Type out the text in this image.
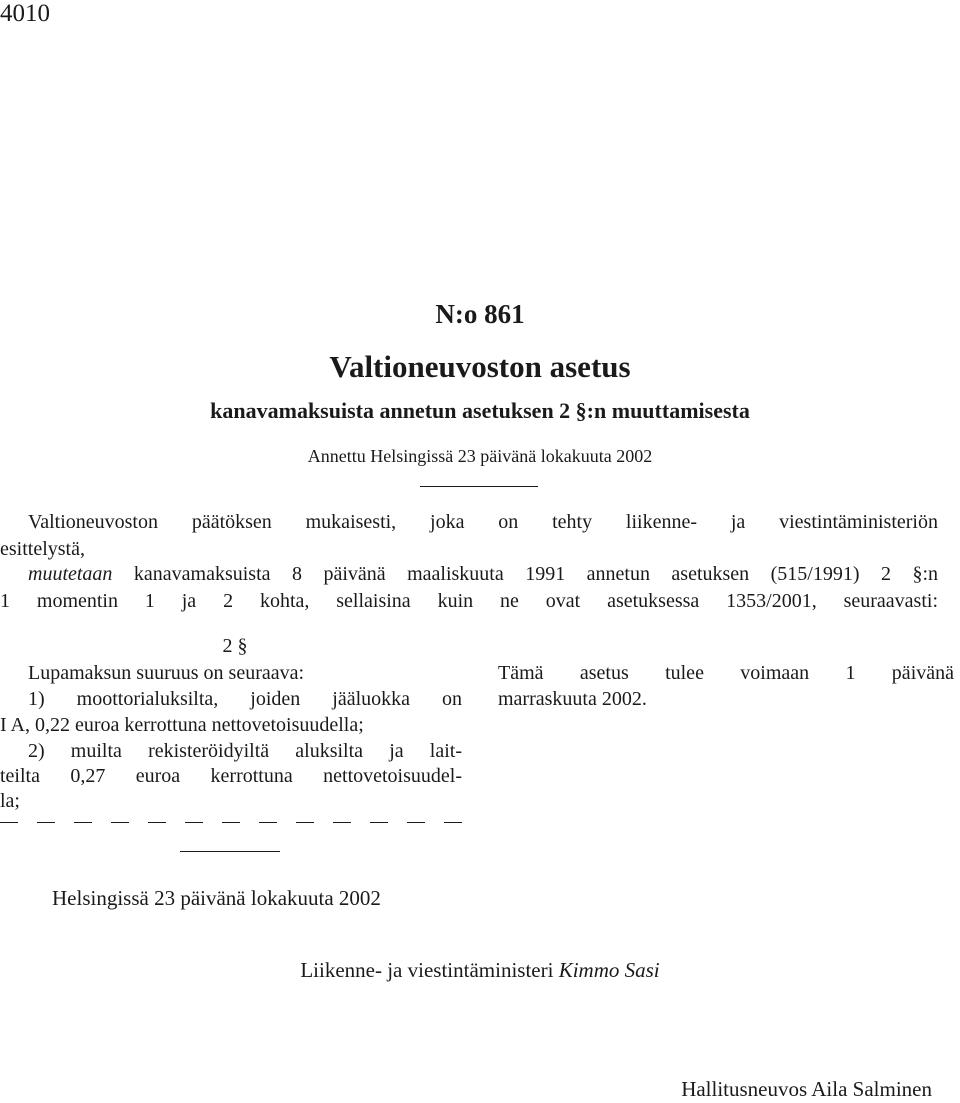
4010
N:o 861
Valtioneuvoston asetus
kanavamaksuista annetun asetuksen 2 §:n muuttamisesta
Annettu Helsingissä 23 päivänä lokakuuta 2002
Valtioneuvoston päätöksen mukaisesti, joka on tehty liikenne- ja viestintäministeriön
esittelystä,
muutetaan kanavamaksuista 8 päivänä maaliskuuta 1991 annetun asetuksen (515/1991) 2 §:n
1 momentin 1 ja 2 kohta, sellaisina kuin ne ovat asetuksessa 1353/2001, seuraavasti:
2 §
Lupamaksun suuruus on seuraava:
1) moottorialuksilta, joiden jääluokka on
I A, 0,22 euroa kerrottuna nettovetoisuudella;
2) muilta rekisteröidyiltä aluksilta ja lait-
teilta 0,27 euroa kerrottuna nettovetoisuudel-
la;
Tämä asetus tulee voimaan 1 päivänä
marraskuuta 2002.
Helsingissä 23 päivänä lokakuuta 2002
Liikenne- ja viestintäministeri Kimmo Sasi
Hallitusneuvos Aila Salminen
